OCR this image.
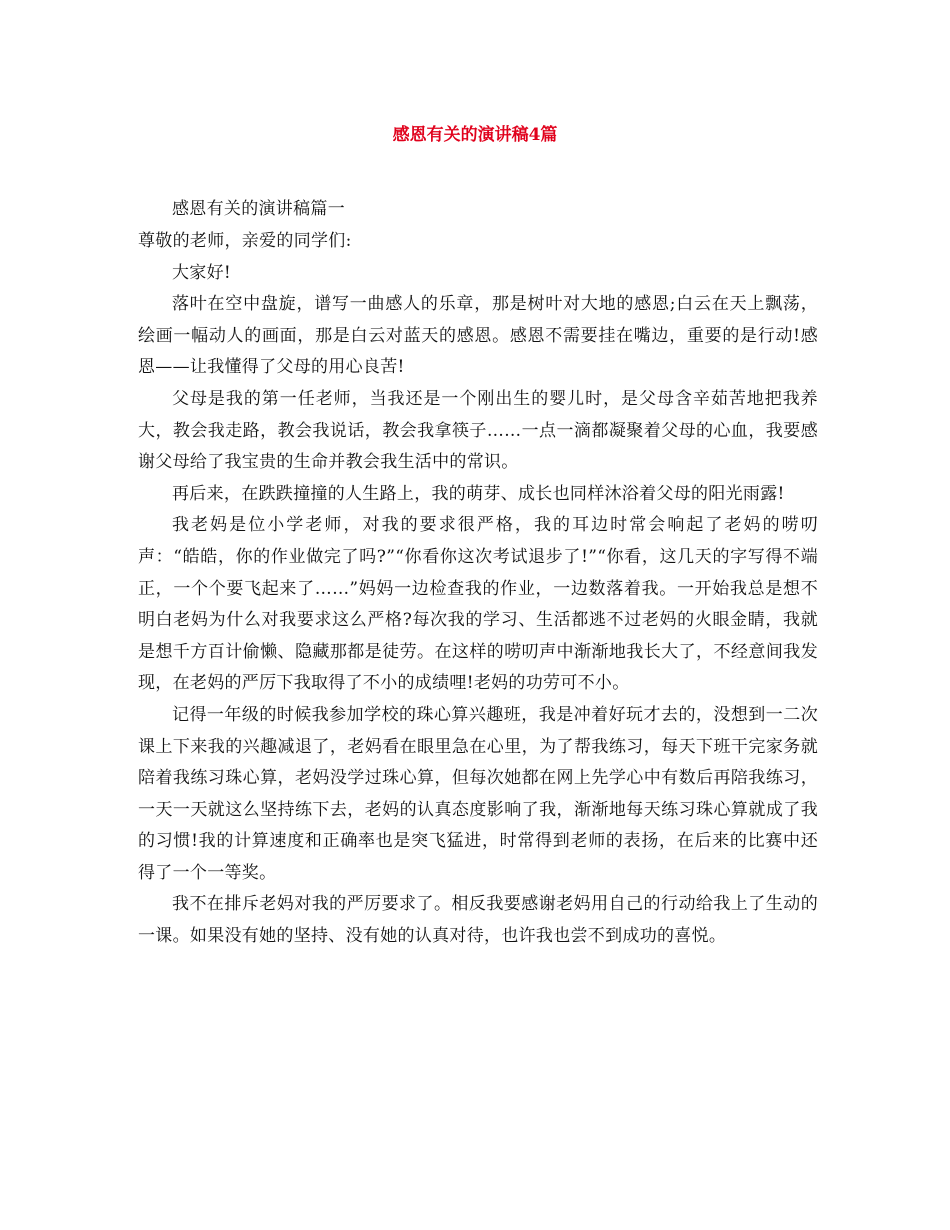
感恩有关的演讲稿4篇

感恩有关的演讲稿篇一

尊敬的老师，亲爱的同学们:

大家好!

落叶在空中盘旋，谱写一曲感人的乐章，那是树叶对大地的感恩;白云在天上飘荡，绘画一幅动人的画面，那是白云对蓝天的感恩。感恩不需要挂在嘴边，重要的是行动!感恩——让我懂得了父母的用心良苦!

父母是我的第一任老师，当我还是一个刚出生的婴儿时，是父母含辛茹苦地把我养大，教会我走路，教会我说话，教会我拿筷子……一点一滴都凝聚着父母的心血，我要感谢父母给了我宝贵的生命并教会我生活中的常识。

再后来，在跌跌撞撞的人生路上，我的萌芽、成长也同样沐浴着父母的阳光雨露!

我老妈是位小学老师，对我的要求很严格，我的耳边时常会响起了老妈的唠叨声：“皓皓，你的作业做完了吗?”“你看你这次考试退步了!”“你看，这几天的字写得不端正，一个个要飞起来了……”妈妈一边检查我的作业，一边数落着我。一开始我总是想不明白老妈为什么对我要求这么严格?每次我的学习、生活都逃不过老妈的火眼金睛，我就是想千方百计偷懒、隐藏那都是徒劳。在这样的唠叨声中渐渐地我长大了，不经意间我发现，在老妈的严厉下我取得了不小的成绩哩!老妈的功劳可不小。

记得一年级的时候我参加学校的珠心算兴趣班，我是冲着好玩才去的，没想到一二次课上下来我的兴趣减退了，老妈看在眼里急在心里，为了帮我练习，每天下班干完家务就陪着我练习珠心算，老妈没学过珠心算，但每次她都在网上先学心中有数后再陪我练习，一天一天就这么坚持练下去，老妈的认真态度影响了我，渐渐地每天练习珠心算就成了我的习惯!我的计算速度和正确率也是突飞猛进，时常得到老师的表扬，在后来的比赛中还得了一个一等奖。

我不在排斥老妈对我的严厉要求了。相反我要感谢老妈用自己的行动给我上了生动的一课。如果没有她的坚持、没有她的认真对待，也许我也尝不到成功的喜悦。
